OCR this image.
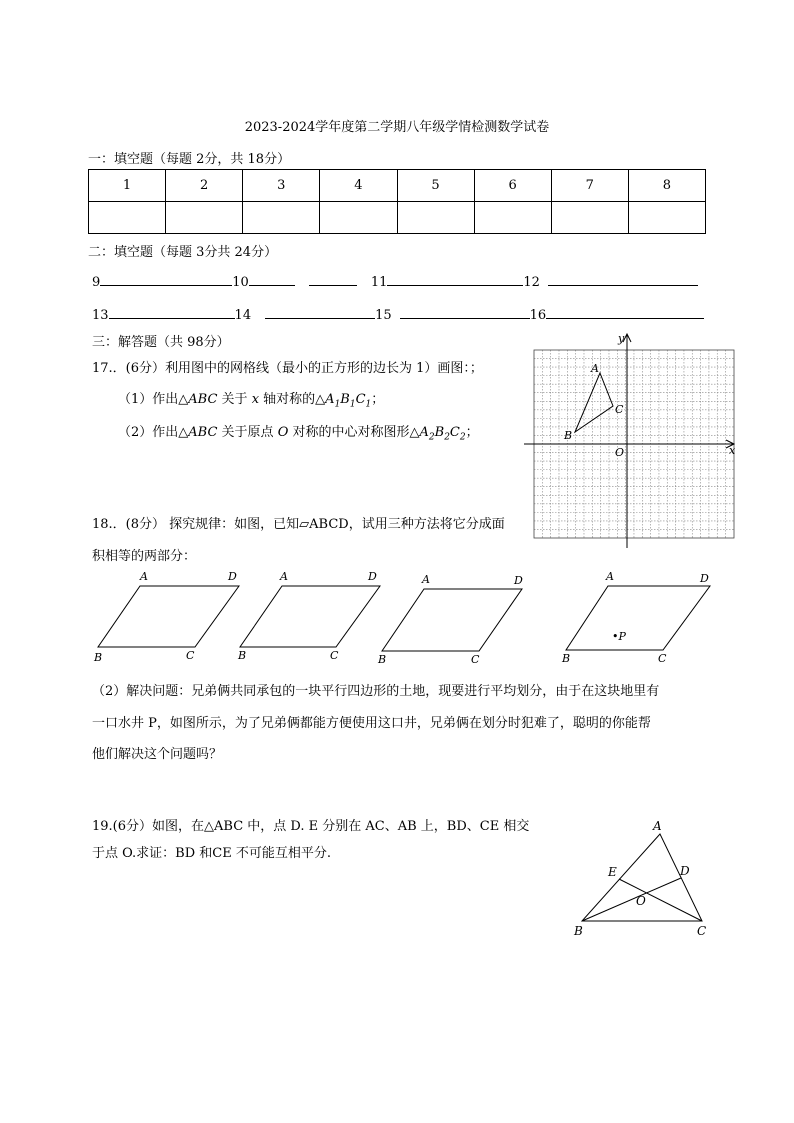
2023-2024学年度第二学期八年级学情检测数学试卷
一：填空题（每题 2分，共 18分）
1	2	3	4	5	6	7	8

二：填空题（每题 3分共 24分）
9	10	11	12
13	14	15	16
三：解答题（共 98分）
17.．(6分）利用图中的网格线（最小的正方形的边长为 1）画图：；
（1）作出△ABC 关于 x 轴对称的$\triangle A_1B_1C_1$；
（2）作出△ABC 关于原点 O 对称的中心对称图形$\triangle A_2B_2C_2$；
y
x
O
A
C
B
18.．(8分） 探究规律：如图，已知▱ABCD，试用三种方法将它分成面
积相等的两部分：
A	D
B	C
A	D
B	C
A	D
B	C
A	D
B	C
•P
（2）解决问题：兄弟俩共同承包的一块平行四边形的土地，现要进行平均划分，由于在这块地里有
一口水井 P，如图所示，为了兄弟俩都能方便使用这口井，兄弟俩在划分时犯难了，聪明的你能帮
他们解决这个问题吗？
19.(6分）如图，在△ABC 中，点 D. E 分别在 AC、AB 上，BD、CE 相交
于点 O.求证：BD 和CE 不可能互相平分.
A
B	C
D
E
O
